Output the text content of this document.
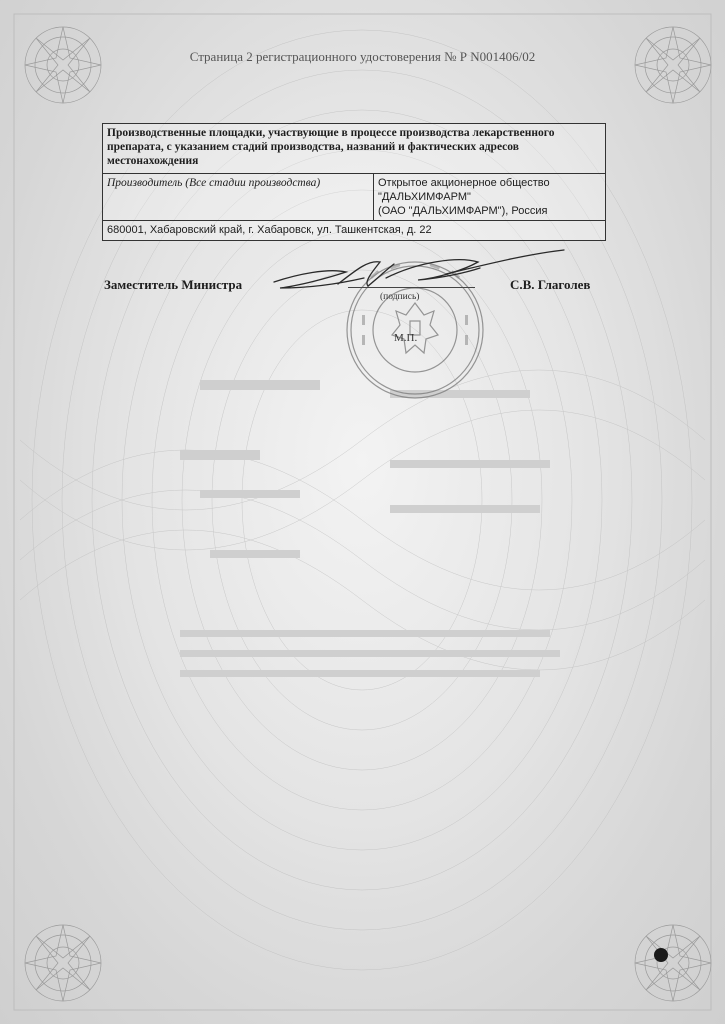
Страница 2 регистрационного удостоверения № Р N001406/02
Производственные площадки, участвующие в процессе производства лекарственного препарата, с указанием стадий производства, названий и фактических адресов местонахождения
Производитель (Все стадии производства)	Открытое акционерное общество
"ДАЛЬХИМФАРМ"
(ОАО "ДАЛЬХИМФАРМ"), Россия

680001, Хабаровский край, г. Хабаровск, ул. Ташкентская, д. 22
Заместитель Министра
(подпись)
С.В. Глаголев
М.П.
